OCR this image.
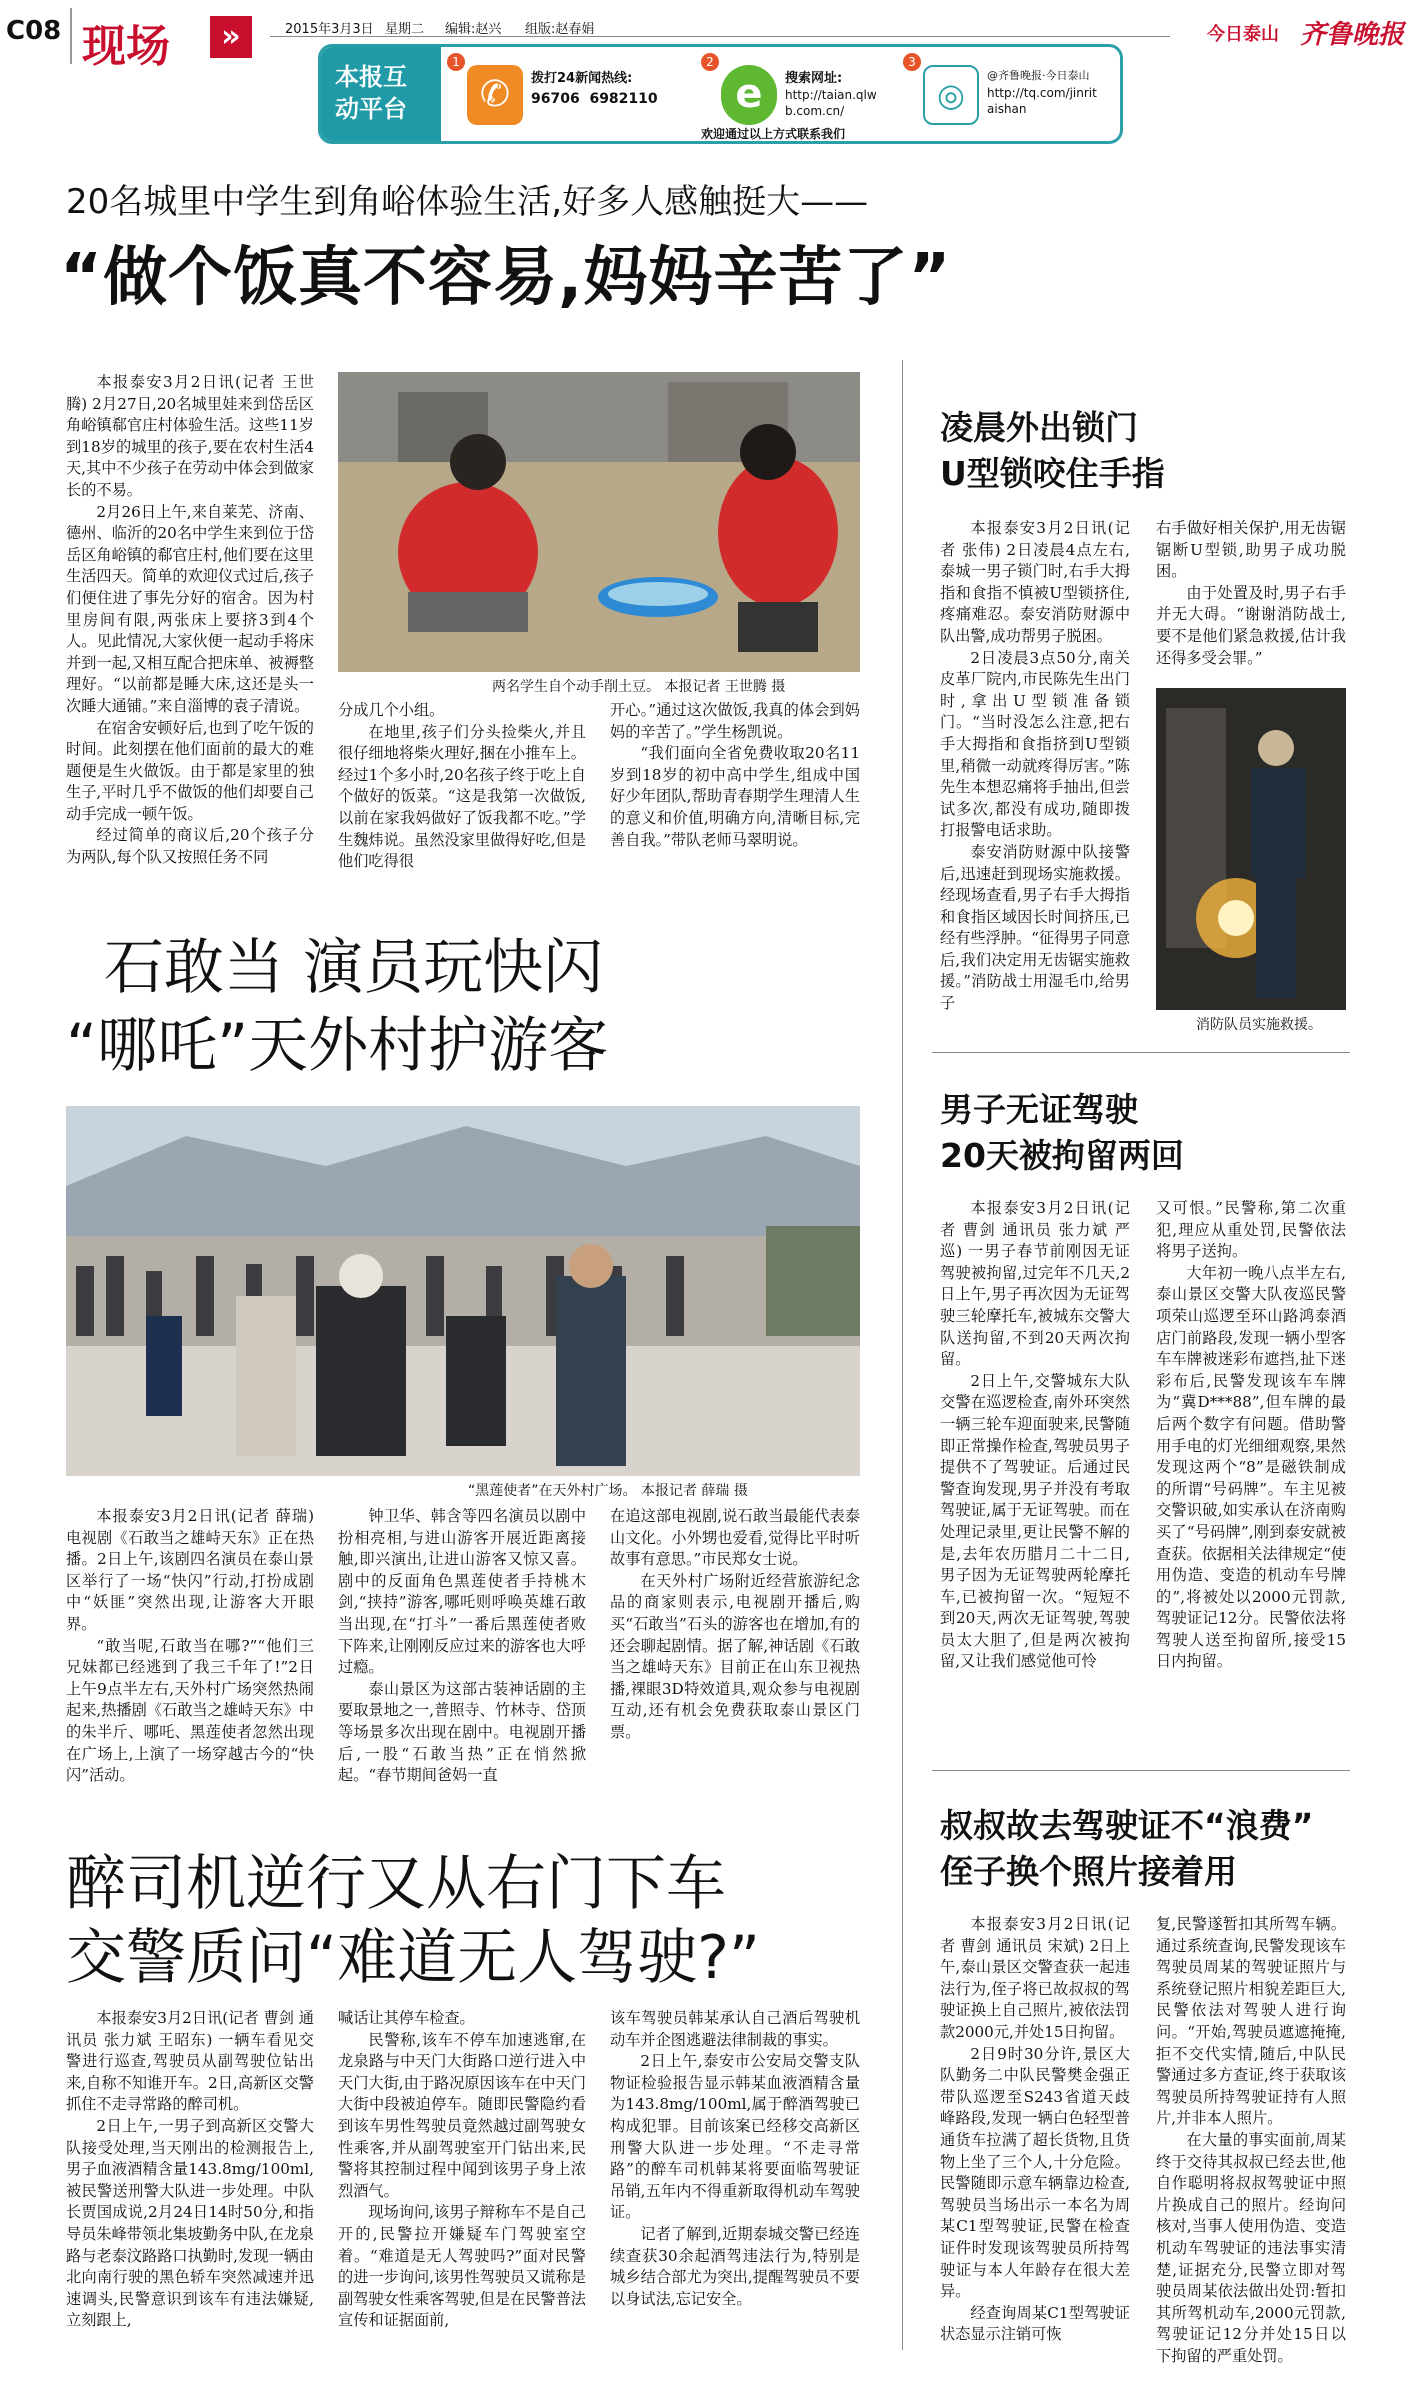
C08 现场	»	2015年3月3日 星期二 编辑:赵兴 组版:赵春娟	今日泰山 齐鲁晚报
本报互
动平台
1
✆	拨打24新闻热线:
96706  6982110
2
e	搜索网址:
http://taian.qlwb.com.cn/
3
◎
@齐鲁晚报·今日泰山
http://tq.com/jinritaishan
欢迎通过以上方式联系我们
20名城里中学生到角峪体验生活,好多人感触挺大——
“做个饭真不容易,妈妈辛苦了”

本报泰安3月2日讯(记者 王世腾) 2月27日,20名城里娃来到岱岳区角峪镇郗官庄村体验生活。这些11岁到18岁的城里的孩子,要在农村生活4天,其中不少孩子在劳动中体会到做家长的不易。

2月26日上午,来自莱芜、济南、德州、临沂的20名中学生来到位于岱岳区角峪镇的郗官庄村,他们要在这里生活四天。简单的欢迎仪式过后,孩子们便住进了事先分好的宿舍。因为村里房间有限,两张床上要挤3到4个人。见此情况,大家伙便一起动手将床并到一起,又相互配合把床单、被褥整理好。“以前都是睡大床,这还是头一次睡大通铺。”来自淄博的袁子清说。

在宿舍安顿好后,也到了吃午饭的时间。此刻摆在他们面前的最大的难题便是生火做饭。由于都是家里的独生子,平时几乎不做饭的他们却要自己动手完成一顿午饭。

经过简单的商议后,20个孩子分为两队,每个队又按照任务不同

两名学生自个动手削土豆。 本报记者 王世腾 摄

分成几个小组。

在地里,孩子们分头捡柴火,并且很仔细地将柴火理好,捆在小推车上。经过1个多小时,20名孩子终于吃上自个做好的饭菜。“这是我第一次做饭,以前在家我妈做好了饭我都不吃。”学生魏炜说。虽然没家里做得好吃,但是他们吃得很

开心。”通过这次做饭,我真的体会到妈妈的辛苦了。”学生杨凯说。

“我们面向全省免费收取20名11岁到18岁的初中高中学生,组成中国好少年团队,帮助青春期学生理清人生的意义和价值,明确方向,清晰目标,完善自我。”带队老师马翠明说。

凌晨外出锁门
U型锁咬住手指

本报泰安3月2日讯(记者 张伟) 2日凌晨4点左右,泰城一男子锁门时,右手大拇指和食指不慎被U型锁挤住,疼痛难忍。泰安消防财源中队出警,成功帮男子脱困。

2日凌晨3点50分,南关皮革厂院内,市民陈先生出门时,拿出U型锁准备锁门。“当时没怎么注意,把右手大拇指和食指挤到U型锁里,稍微一动就疼得厉害。”陈先生本想忍痛将手抽出,但尝试多次,都没有成功,随即拨打报警电话求助。

泰安消防财源中队接警后,迅速赶到现场实施救援。经现场查看,男子右手大拇指和食指区域因长时间挤压,已经有些浮肿。“征得男子同意后,我们决定用无齿锯实施救援。”消防战士用湿毛巾,给男子

右手做好相关保护,用无齿锯锯断U型锁,助男子成功脱困。

由于处置及时,男子右手并无大碍。“谢谢消防战士,要不是他们紧急救援,估计我还得多受会罪。”

消防队员实施救援。
石敢当 演员玩快闪
“哪吒”天外村护游客
“黑莲使者”在天外村广场。 本报记者 薛瑞 摄

本报泰安3月2日讯(记者 薛瑞) 电视剧《石敢当之雄峙天东》正在热播。2日上午,该剧四名演员在泰山景区举行了一场“快闪”行动,打扮成剧中“妖匪”突然出现,让游客大开眼界。

“敢当呢,石敢当在哪?”“他们三兄妹都已经逃到了我三千年了!”2日上午9点半左右,天外村广场突然热闹起来,热播剧《石敢当之雄峙天东》中的朱半斤、哪吒、黑莲使者忽然出现在广场上,上演了一场穿越古今的“快闪”活动。

钟卫华、韩含等四名演员以剧中扮相亮相,与进山游客开展近距离接触,即兴演出,让进山游客又惊又喜。剧中的反面角色黑莲使者手持桃木剑,“挟持”游客,哪吒则呼唤英雄石敢当出现,在“打斗”一番后黑莲使者败下阵来,让刚刚反应过来的游客也大呼过瘾。

泰山景区为这部古装神话剧的主要取景地之一,普照寺、竹林寺、岱顶等场景多次出现在剧中。电视剧开播后,一股“石敢当热”正在悄然掀起。“春节期间爸妈一直

在追这部电视剧,说石敢当最能代表泰山文化。小外甥也爱看,觉得比平时听故事有意思。”市民郑女士说。

在天外村广场附近经营旅游纪念品的商家则表示,电视剧开播后,购买“石敢当”石头的游客也在增加,有的还会聊起剧情。据了解,神话剧《石敢当之雄峙天东》目前正在山东卫视热播,裸眼3D特效道具,观众参与电视剧互动,还有机会免费获取泰山景区门票。

男子无证驾驶
20天被拘留两回

本报泰安3月2日讯(记者 曹剑 通讯员 张力斌 严巡) 一男子春节前刚因无证驾驶被拘留,过完年不几天,2日上午,男子再次因为无证驾驶三轮摩托车,被城东交警大队送拘留,不到20天两次拘留。

2日上午,交警城东大队交警在巡逻检查,南外环突然一辆三轮车迎面驶来,民警随即正常操作检查,驾驶员男子提供不了驾驶证。后通过民警查询发现,男子并没有考取驾驶证,属于无证驾驶。而在处理记录里,更让民警不解的是,去年农历腊月二十二日,男子因为无证驾驶两轮摩托车,已被拘留一次。“短短不到20天,两次无证驾驶,驾驶员太大胆了,但是两次被拘留,又让我们感觉他可怜

又可恨。”民警称,第二次重犯,理应从重处罚,民警依法将男子送拘。

大年初一晚八点半左右,泰山景区交警大队夜巡民警项荣山巡逻至环山路鸿泰酒店门前路段,发现一辆小型客车车牌被迷彩布遮挡,扯下迷彩布后,民警发现该车车牌为“冀D***88”,但车牌的最后两个数字有问题。借助警用手电的灯光细细观察,果然发现这两个“8”是磁铁制成的所谓“号码牌”。车主见被交警识破,如实承认在济南购买了“号码牌”,刚到泰安就被查获。依据相关法律规定“使用伪造、变造的机动车号牌的”,将被处以2000元罚款,驾驶证记12分。民警依法将驾驶人送至拘留所,接受15日内拘留。

醉司机逆行又从右门下车
交警质问“难道无人驾驶?”

本报泰安3月2日讯(记者 曹剑 通讯员 张力斌 王昭东) 一辆车看见交警进行巡查,驾驶员从副驾驶位钻出来,自称不知谁开车。2日,高新区交警抓住不走寻常路的醉司机。

2日上午,一男子到高新区交警大队接受处理,当天刚出的检测报告上,男子血液酒精含量143.8mg/100ml,被民警送刑警大队进一步处理。中队长贾国成说,2月24日14时50分,和指导员朱峰带领北集坡勤务中队,在龙泉路与老泰汶路路口执勤时,发现一辆由北向南行驶的黑色轿车突然减速并迅速调头,民警意识到该车有违法嫌疑,立刻跟上,

喊话让其停车检查。

民警称,该车不停车加速逃窜,在龙泉路与中天门大街路口逆行进入中天门大街,由于路况原因该车在中天门大街中段被迫停车。随即民警隐约看到该车男性驾驶员竟然越过副驾驶女性乘客,并从副驾驶室开门钻出来,民警将其控制过程中闻到该男子身上浓烈酒气。

现场询问,该男子辩称车不是自己开的,民警拉开嫌疑车门驾驶室空着。“难道是无人驾驶吗?”面对民警的进一步询问,该男性驾驶员又谎称是副驾驶女性乘客驾驶,但是在民警普法宣传和证据面前,

该车驾驶员韩某承认自己酒后驾驶机动车并企图逃避法律制裁的事实。

2日上午,泰安市公安局交警支队物证检验报告显示韩某血液酒精含量为143.8mg/100ml,属于醉酒驾驶已构成犯罪。目前该案已经移交高新区刑警大队进一步处理。“不走寻常路”的醉车司机韩某将要面临驾驶证吊销,五年内不得重新取得机动车驾驶证。

记者了解到,近期泰城交警已经连续查获30余起酒驾违法行为,特别是城乡结合部尤为突出,提醒驾驶员不要以身试法,忘记安全。

叔叔故去驾驶证不“浪费”
侄子换个照片接着用

本报泰安3月2日讯(记者 曹剑 通讯员 宋斌) 2日上午,泰山景区交警查获一起违法行为,侄子将已故叔叔的驾驶证换上自己照片,被依法罚款2000元,并处15日拘留。

2日9时30分许,景区大队勤务二中队民警樊金强正带队巡逻至S243省道天歧峰路段,发现一辆白色轻型普通货车拉满了超长货物,且货物上坐了三个人,十分危险。民警随即示意车辆靠边检查,驾驶员当场出示一本名为周某C1型驾驶证,民警在检查证件时发现该驾驶员所持驾驶证与本人年龄存在很大差异。

经查询周某C1型驾驶证状态显示注销可恢

复,民警遂暂扣其所驾车辆。通过系统查询,民警发现该车驾驶员周某的驾驶证照片与系统登记照片相貌差距巨大,民警依法对驾驶人进行询问。“开始,驾驶员遮遮掩掩,拒不交代实情,随后,中队民警通过多方查证,终于获取该驾驶员所持驾驶证持有人照片,并非本人照片。

在大量的事实面前,周某终于交待其叔叔已经去世,他自作聪明将叔叔驾驶证中照片换成自己的照片。经询问核对,当事人使用伪造、变造机动车驾驶证的违法事实清楚,证据充分,民警立即对驾驶员周某依法做出处罚:暂扣其所驾机动车,2000元罚款,驾驶证记12分并处15日以下拘留的严重处罚。
